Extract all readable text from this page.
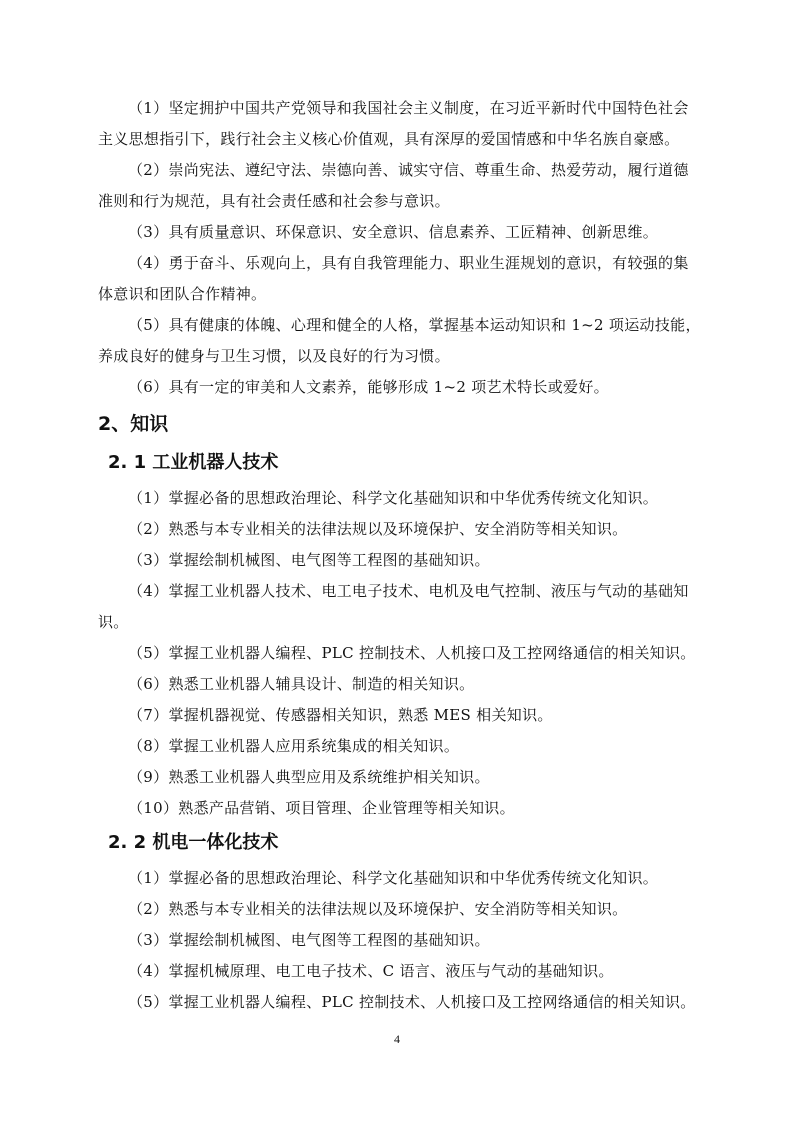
（1）坚定拥护中国共产党领导和我国社会主义制度，在习近平新时代中国特色社会主义思想指引下，践行社会主义核心价值观，具有深厚的爱国情感和中华名族自豪感。

（2）崇尚宪法、遵纪守法、崇德向善、诚实守信、尊重生命、热爱劳动，履行道德准则和行为规范，具有社会责任感和社会参与意识。

（3）具有质量意识、环保意识、安全意识、信息素养、工匠精神、创新思维。

（4）勇于奋斗、乐观向上，具有自我管理能力、职业生涯规划的意识，有较强的集体意识和团队合作精神。

（5）具有健康的体魄、心理和健全的人格，掌握基本运动知识和 1~2 项运动技能，养成良好的健身与卫生习惯，以及良好的行为习惯。

（6）具有一定的审美和人文素养，能够形成 1~2 项艺术特长或爱好。

2、知识
2. 1 工业机器人技术

（1）掌握必备的思想政治理论、科学文化基础知识和中华优秀传统文化知识。

（2）熟悉与本专业相关的法律法规以及环境保护、安全消防等相关知识。

（3）掌握绘制机械图、电气图等工程图的基础知识。

（4）掌握工业机器人技术、电工电子技术、电机及电气控制、液压与气动的基础知识。

（5）掌握工业机器人编程、PLC 控制技术、人机接口及工控网络通信的相关知识。

（6）熟悉工业机器人辅具设计、制造的相关知识。

（7）掌握机器视觉、传感器相关知识，熟悉 MES 相关知识。

（8）掌握工业机器人应用系统集成的相关知识。

（9）熟悉工业机器人典型应用及系统维护相关知识。

（10）熟悉产品营销、项目管理、企业管理等相关知识。

2. 2 机电一体化技术

（1）掌握必备的思想政治理论、科学文化基础知识和中华优秀传统文化知识。

（2）熟悉与本专业相关的法律法规以及环境保护、安全消防等相关知识。

（3）掌握绘制机械图、电气图等工程图的基础知识。

（4）掌握机械原理、电工电子技术、C 语言、液压与气动的基础知识。

（5）掌握工业机器人编程、PLC 控制技术、人机接口及工控网络通信的相关知识。

4
